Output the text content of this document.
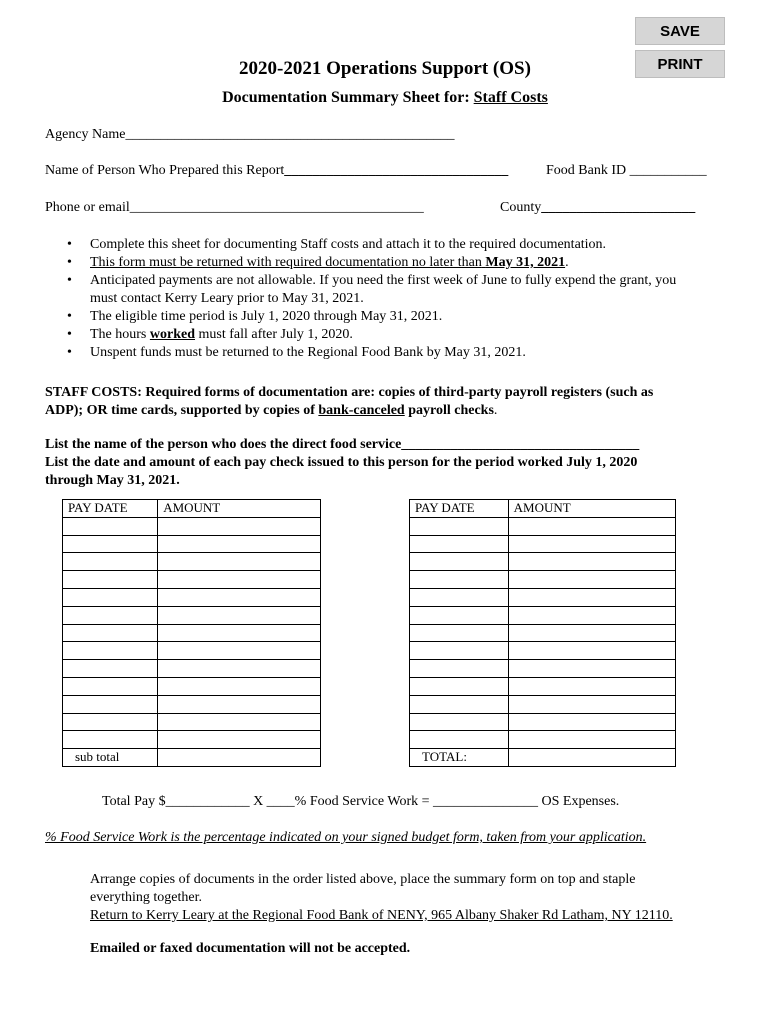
SAVE
PRINT
2020-2021 Operations Support (OS)
Documentation Summary Sheet for: Staff Costs
Agency Name_______________________________________________
Name of Person Who Prepared this Report________________________________	Food Bank ID ___________
Phone or email__________________________________________	County______________________
• Complete this sheet for documenting Staff costs and attach it to the required documentation.
• This form must be returned with required documentation no later than May 31, 2021.
• Anticipated payments are not allowable. If you need the first week of June to fully expend the grant, you
must contact Kerry Leary prior to May 31, 2021.
• The eligible time period is July 1, 2020 through May 31, 2021.
• The hours worked must fall after July 1, 2020.
• Unspent funds must be returned to the Regional Food Bank by May 31, 2021.
STAFF COSTS: Required forms of documentation are: copies of third-party payroll registers (such as
ADP); OR time cards, supported by copies of bank-canceled payroll checks.
List the name of the person who does the direct food service__________________________________
List the date and amount of each pay check issued to this person for the period worked July 1, 2020
through May 31, 2021.
PAY DATE	AMOUNT

sub total	
PAY DATE	AMOUNT

TOTAL:	
Total Pay $____________ X ____% Food Service Work = _______________ OS Expenses.
% Food Service Work is the percentage indicated on your signed budget form, taken from your application.
Arrange copies of documents in the order listed above, place the summary form on top and staple
everything together.
Return to Kerry Leary at the Regional Food Bank of NENY, 965 Albany Shaker Rd Latham, NY 12110.
Emailed or faxed documentation will not be accepted.
